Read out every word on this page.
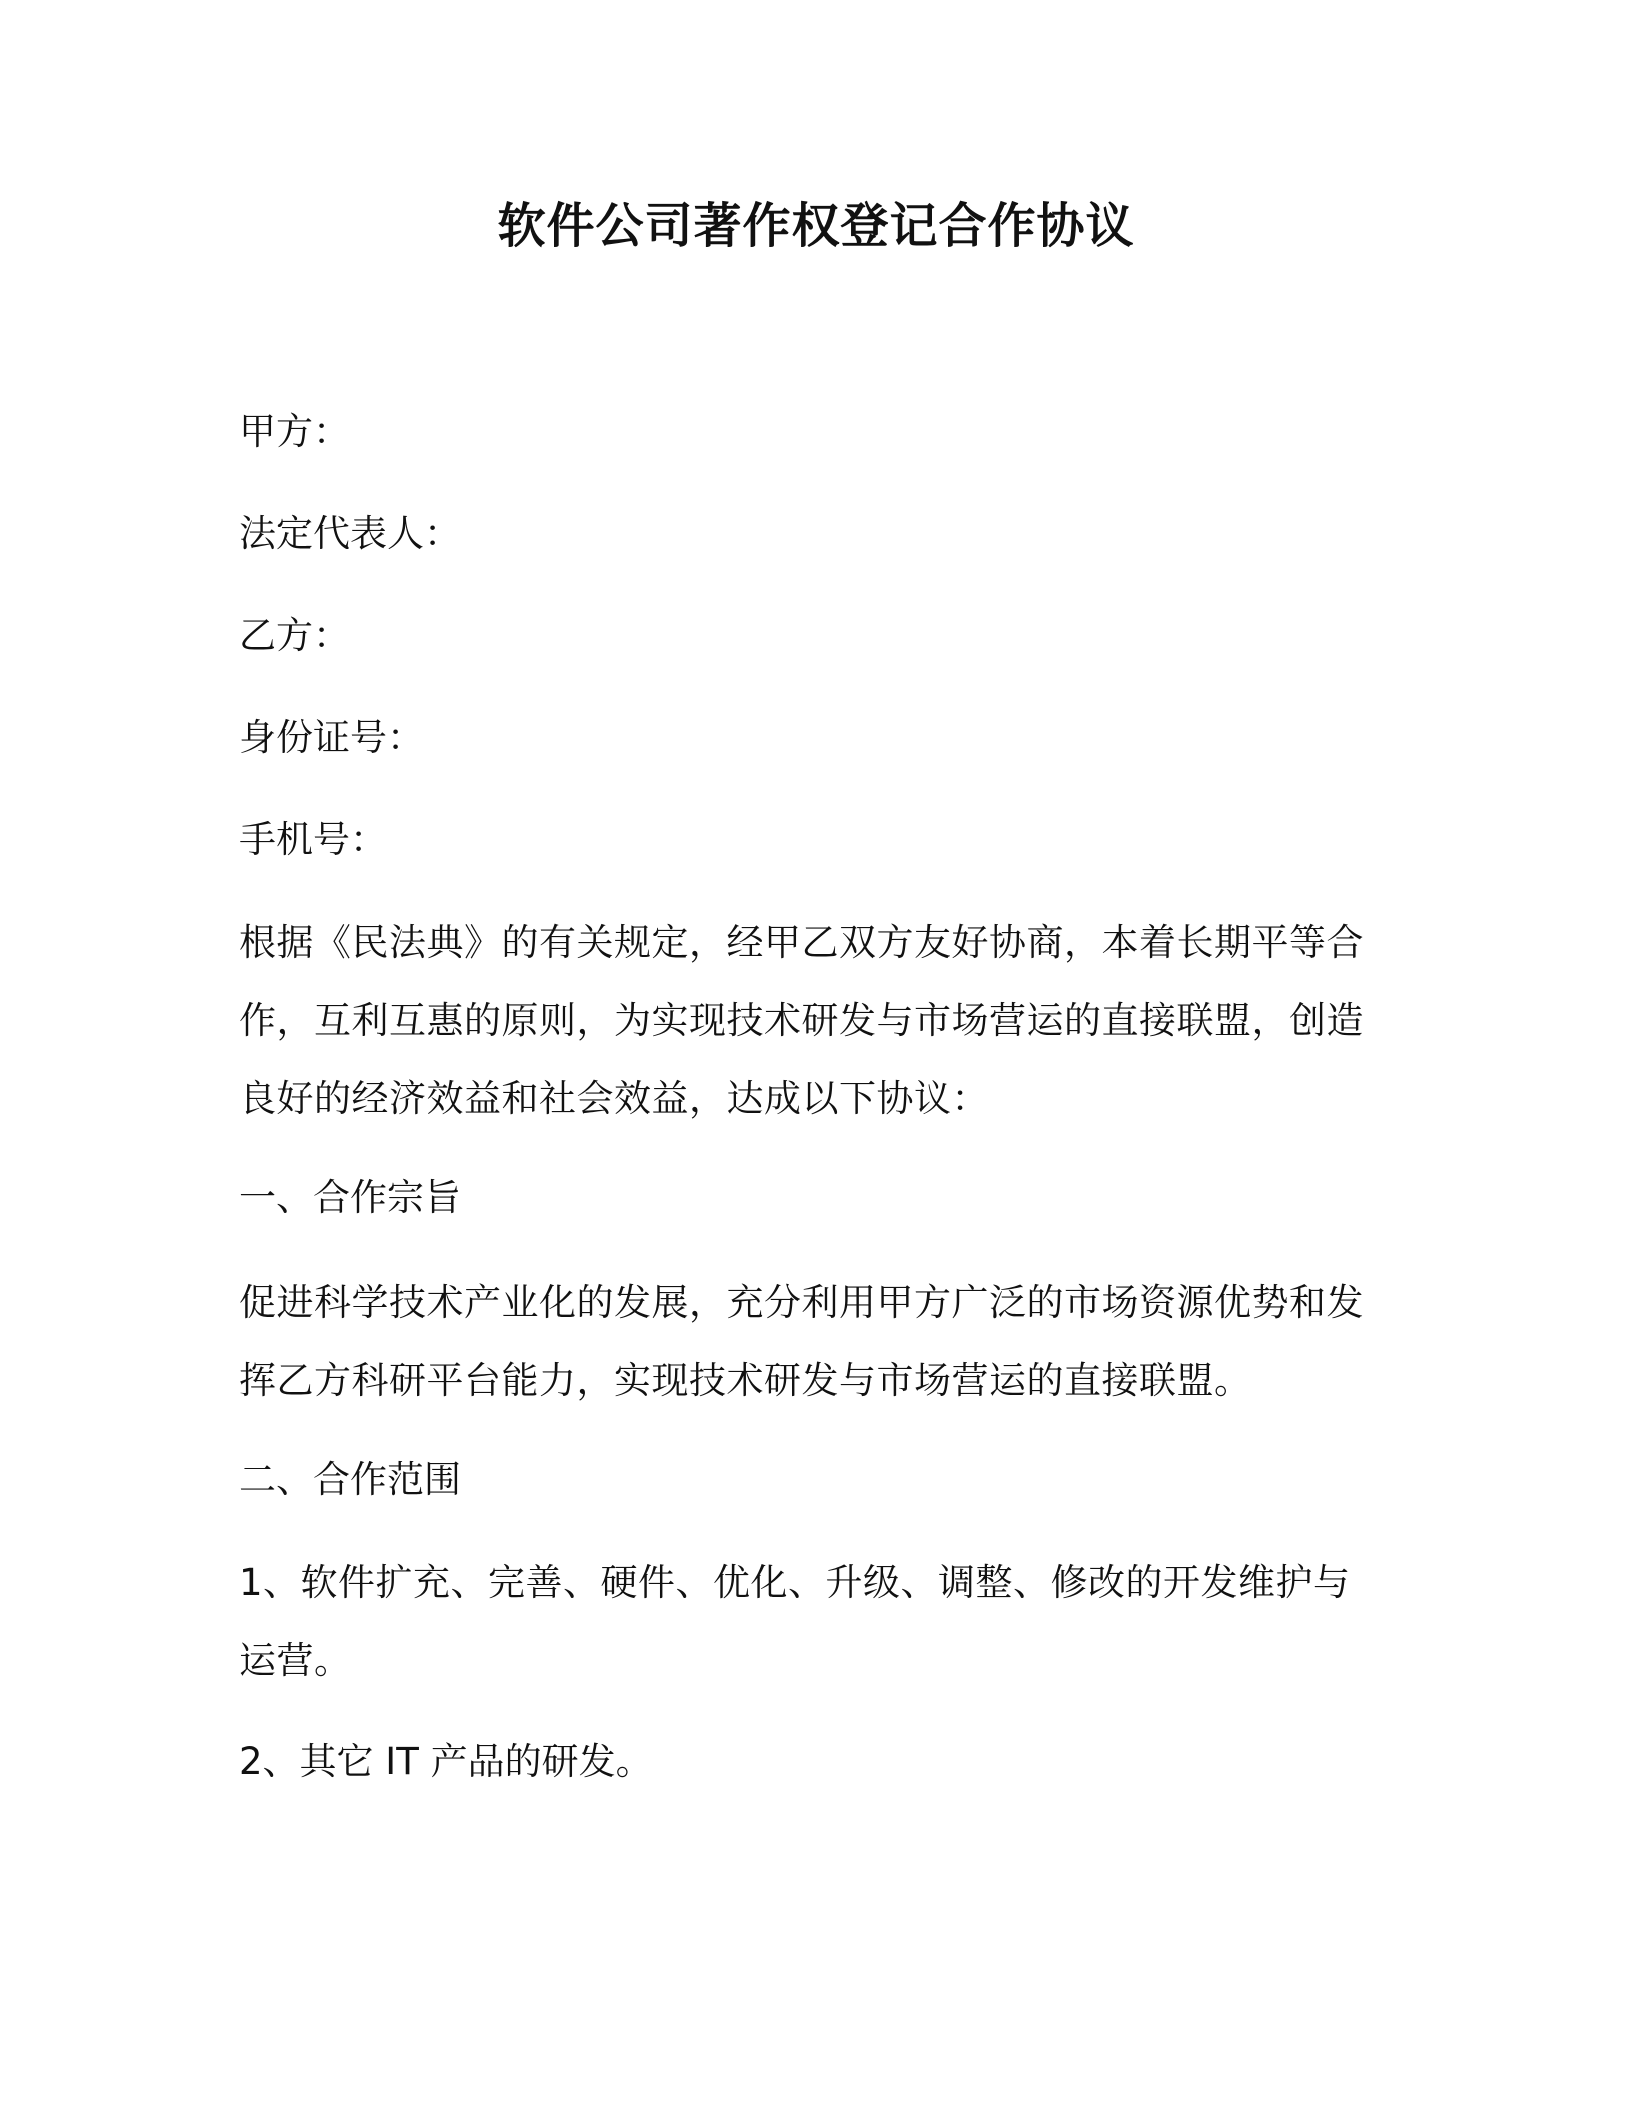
软件公司著作权登记合作协议
甲方：
法定代表人：
乙方：
身份证号：
手机号：
根据《民法典》的有关规定，经甲乙双方友好协商，本着长期平等合作，互利互惠的原则，为实现技术研发与市场营运的直接联盟，创造良好的经济效益和社会效益，达成以下协议：
一、合作宗旨
促进科学技术产业化的发展，充分利用甲方广泛的市场资源优势和发挥乙方科研平台能力，实现技术研发与市场营运的直接联盟。
二、合作范围
1、软件扩充、完善、硬件、优化、升级、调整、修改的开发维护与运营。
2、其它 IT 产品的研发。
